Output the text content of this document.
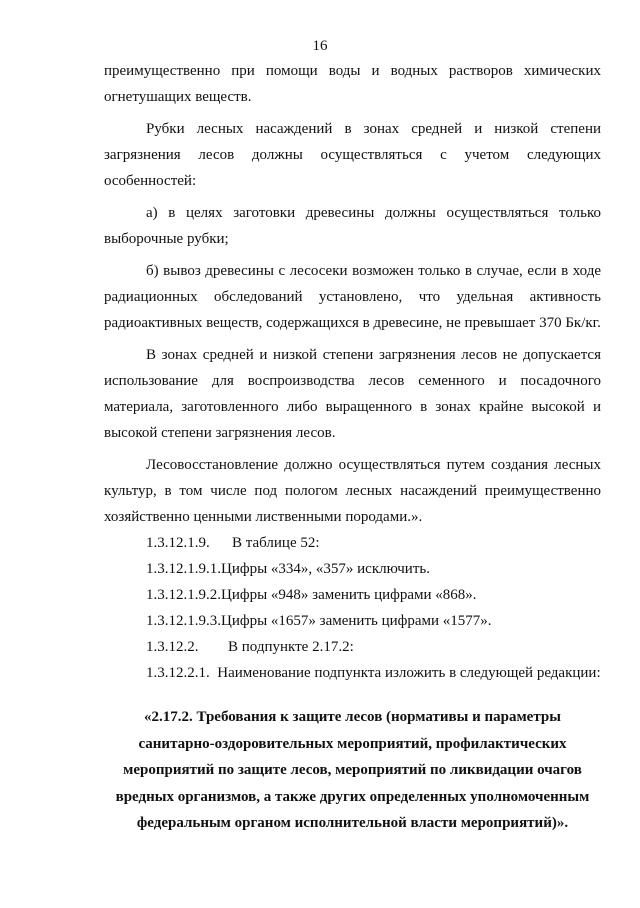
16

преимущественно при помощи воды и водных растворов химических огнетушащих веществ.

Рубки лесных насаждений в зонах средней и низкой степени загрязнения лесов должны осуществляться с учетом следующих особенностей:

а) в целях заготовки древесины должны осуществляться только выборочные рубки;

б) вывоз древесины с лесосеки возможен только в случае, если в ходе радиационных обследований установлено, что удельная активность радиоактивных веществ, содержащихся в древесине, не превышает 370 Бк/кг.

В зонах средней и низкой степени загрязнения лесов не допускается использование для воспроизводства лесов семенного и посадочного материала, заготовленного либо выращенного в зонах крайне высокой и высокой степени загрязнения лесов.

Лесовосстановление должно осуществляться путем создания лесных культур, в том числе под пологом лесных насаждений преимущественно хозяйственно ценными лиственными породами.».

1.3.12.1.9. В таблице 52:

1.3.12.1.9.1.Цифры «334», «357» исключить.

1.3.12.1.9.2.Цифры «948» заменить цифрами «868».

1.3.12.1.9.3.Цифры «1657» заменить цифрами «1577».

1.3.12.2. В подпункте 2.17.2:

1.3.12.2.1. Наименование подпункта изложить в следующей редакции:

«2.17.2. Требования к защите лесов (нормативы и параметры
санитарно-оздоровительных мероприятий, профилактических
мероприятий по защите лесов, мероприятий по ликвидации очагов
вредных организмов, а также других определенных уполномоченным
федеральным органом исполнительной власти мероприятий)».
